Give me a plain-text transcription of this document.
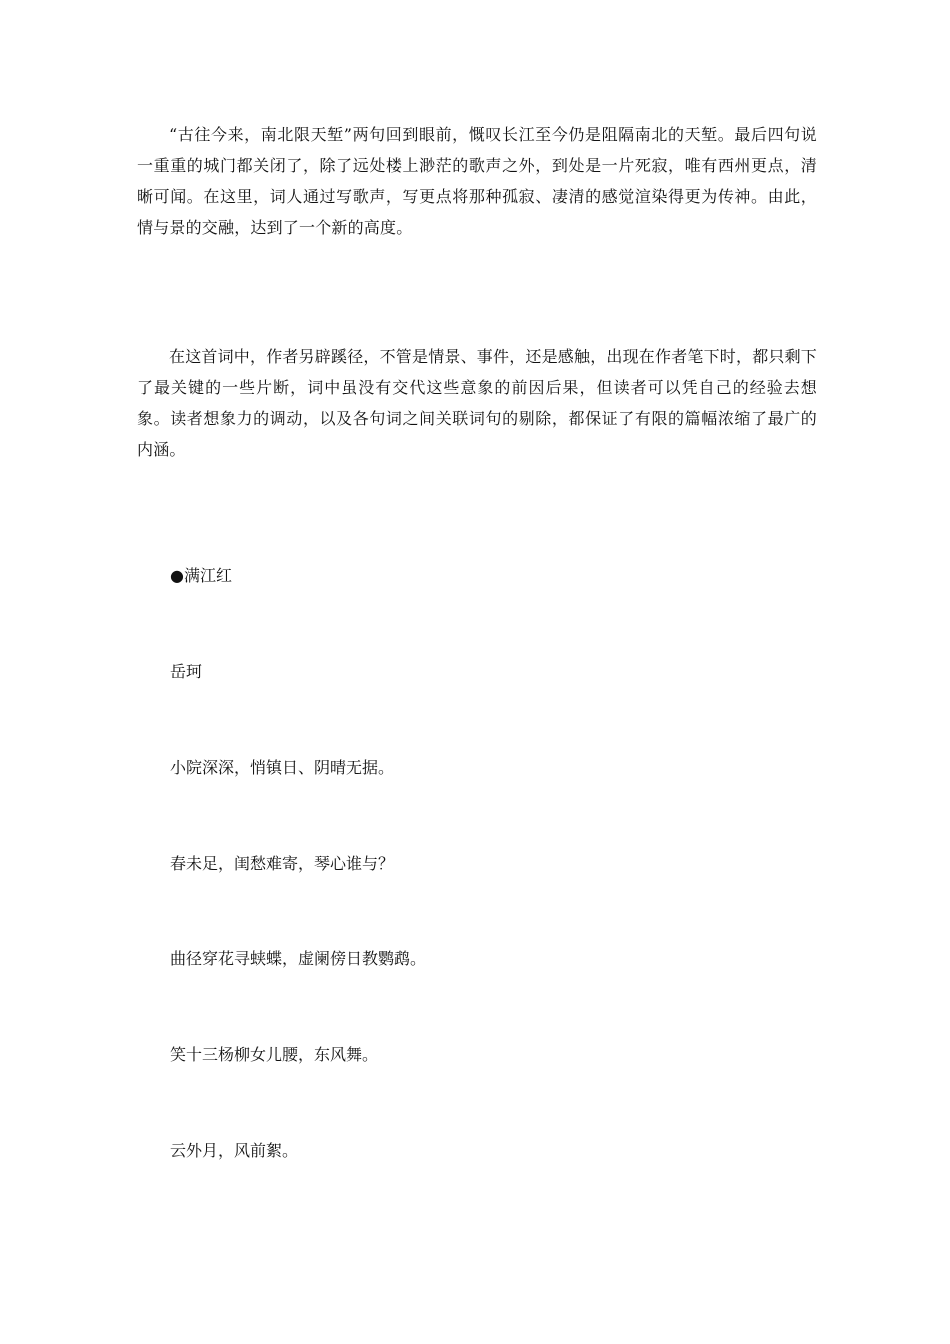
“古往今来，南北限天堑”两句回到眼前，慨叹长江至今仍是阻隔南北的天堑。最后四句说一重重的城门都关闭了，除了远处楼上渺茫的歌声之外，到处是一片死寂，唯有西州更点，清晰可闻。在这里，词人通过写歌声，写更点将那种孤寂、凄清的感觉渲染得更为传神。由此，情与景的交融，达到了一个新的高度。

在这首词中，作者另辟蹊径，不管是情景、事件，还是感触，出现在作者笔下时，都只剩下了最关键的一些片断，词中虽没有交代这些意象的前因后果，但读者可以凭自己的经验去想象。读者想象力的调动，以及各句词之间关联词句的剔除，都保证了有限的篇幅浓缩了最广的内涵。

●满江红

岳珂

小院深深，悄镇日、阴晴无据。

春未足，闺愁难寄，琴心谁与？

曲径穿花寻蛱蝶，虚阑傍日教鹦鹉。

笑十三杨柳女儿腰，东风舞。

云外月，风前絮。
